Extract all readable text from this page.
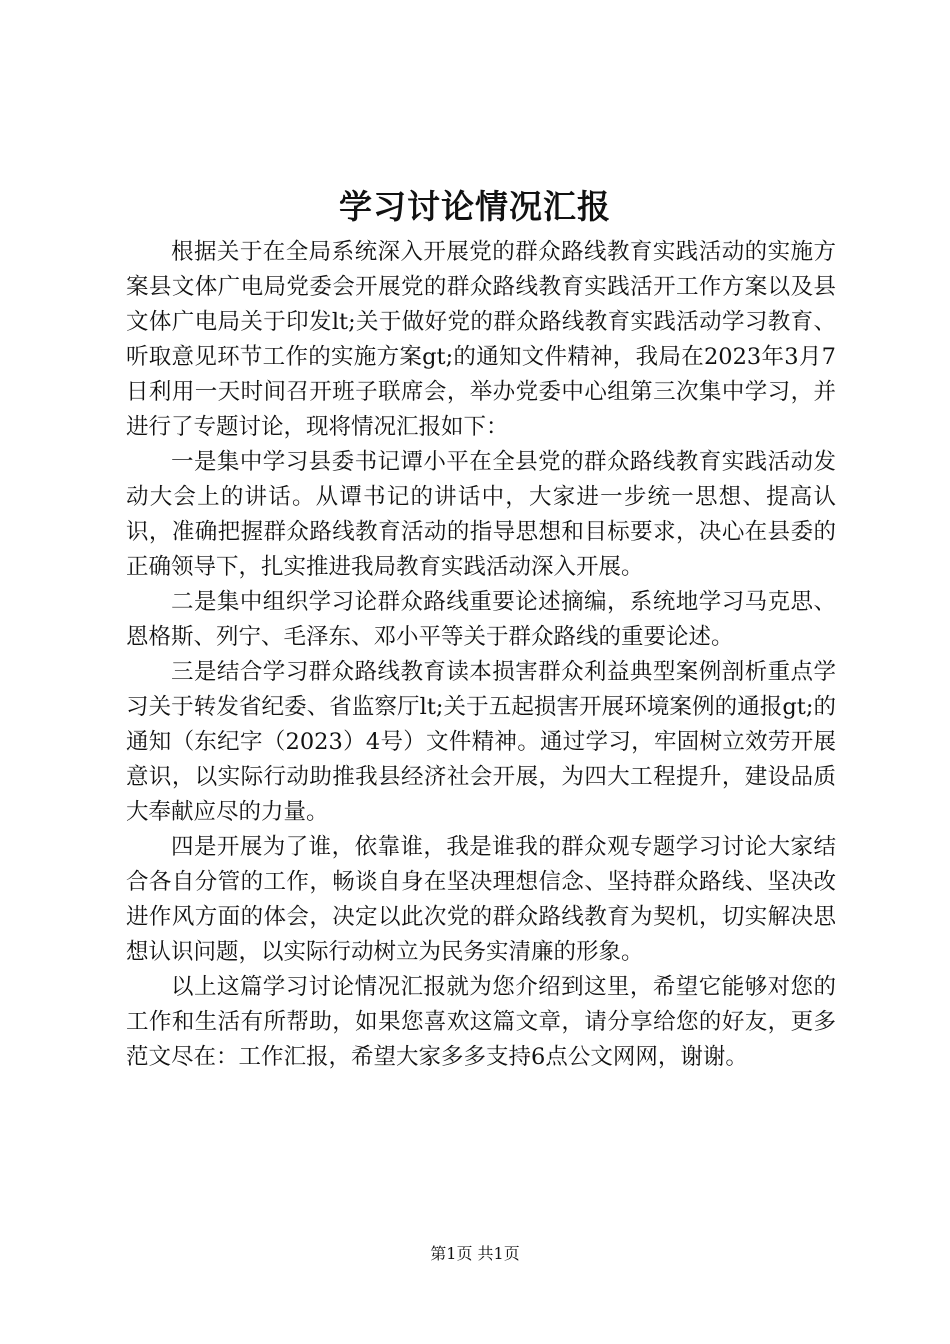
学习讨论情况汇报

根据关于在全局系统深入开展党的群众路线教育实践活动的实施方案县文体广电局党委会开展党的群众路线教育实践活开工作方案以及县文体广电局关于印发lt;关于做好党的群众路线教育实践活动学习教育、听取意见环节工作的实施方案gt;的通知文件精神，我局在2023年3月7日利用一天时间召开班子联席会，举办党委中心组第三次集中学习，并进行了专题讨论，现将情况汇报如下：

一是集中学习县委书记谭小平在全县党的群众路线教育实践活动发动大会上的讲话。从谭书记的讲话中，大家进一步统一思想、提高认识，准确把握群众路线教育活动的指导思想和目标要求，决心在县委的正确领导下，扎实推进我局教育实践活动深入开展。

二是集中组织学习论群众路线重要论述摘编，系统地学习马克思、恩格斯、列宁、毛泽东、邓小平等关于群众路线的重要论述。

三是结合学习群众路线教育读本损害群众利益典型案例剖析重点学习关于转发省纪委、省监察厅lt;关于五起损害开展环境案例的通报gt;的通知（东纪字（2023）4号）文件精神。通过学习，牢固树立效劳开展意识，以实际行动助推我县经济社会开展，为四大工程提升，建设品质大奉献应尽的力量。

四是开展为了谁，依靠谁，我是谁我的群众观专题学习讨论大家结合各自分管的工作，畅谈自身在坚决理想信念、坚持群众路线、坚决改进作风方面的体会，决定以此次党的群众路线教育为契机，切实解决思想认识问题，以实际行动树立为民务实清廉的形象。

以上这篇学习讨论情况汇报就为您介绍到这里，希望它能够对您的工作和生活有所帮助，如果您喜欢这篇文章，请分享给您的好友，更多范文尽在：工作汇报，希望大家多多支持6点公文网网，谢谢。

第1页 共1页
